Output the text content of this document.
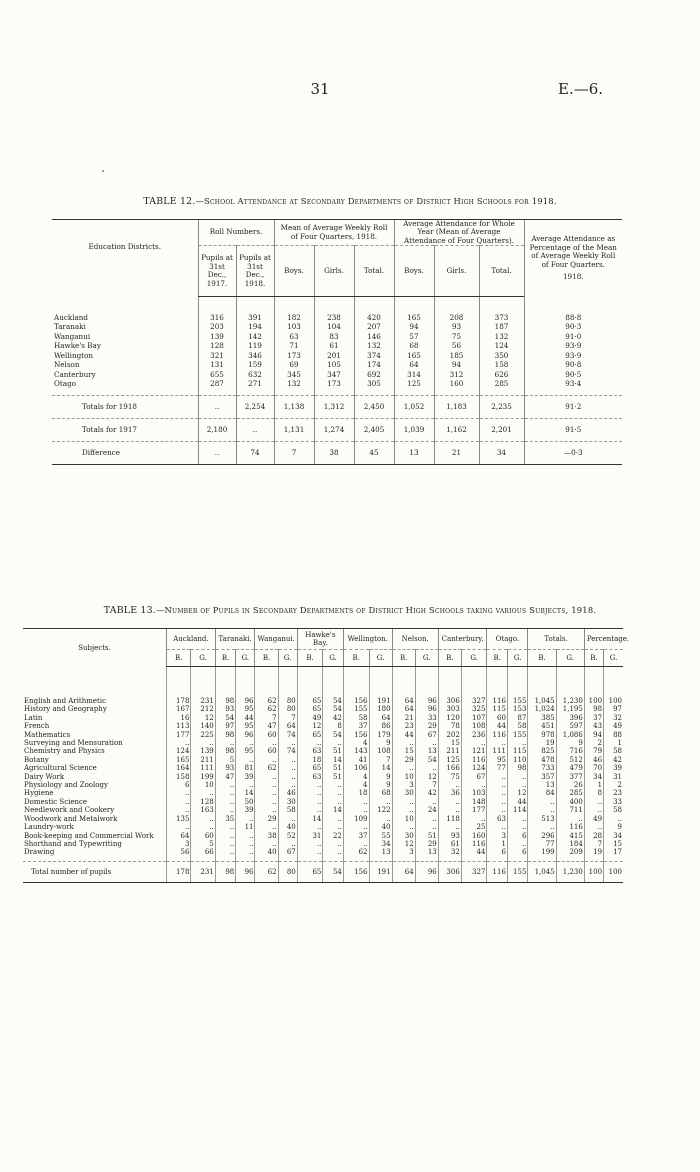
31	E.—6.
TABLE 12.—School Attendance at Secondary Departments of District High Schools for 1918.
Education Districts.	Roll Numbers.		Mean of Average Weekly Roll of Four Quarters, 1918.			Average Attendance for Whole Year (Mean of Average Attendance of Four Quarters).			Average Attendance as Percentage of the Mean of Average Weekly Roll of Four Quarters.
1918.

	Pupils at 31st Dec., 1917.	Pupils at 31st Dec., 1918.	Boys.	Girls.	Total.	Boys.	Girls.	Total.	
Auckland	316	391	182	238	420	165	208	373	88·8
Taranaki	203	194	103	104	207	94	93	187	90·3
Wanganui	139	142	63	83	146	57	75	132	91·0
Hawke's Bay	128	119	71	61	132	68	56	124	93·9
Wellington	321	346	173	201	374	165	185	350	93·9
Nelson	131	159	69	105	174	64	94	158	90·8
Canterbury	655	632	345	347	692	314	312	626	90·5
Otago	287	271	132	173	305	125	160	285	93·4
Totals for 1918	..	2,254	1,138	1,312	2,450	1,052	1,183	2,235	91·2
Totals for 1917	2,180	..	1,131	1,274	2,405	1,039	1,162	2,201	91·5
Difference	..	74	7	38	45	13	21	34	—0·3
TABLE 13.—Number of Pupils in Secondary Departments of District High Schools taking various Subjects, 1918.
Subjects.	Auckland.		Taranaki.		Wanganui.		Hawke's Bay.		Wellington.		Nelson.		Canterbury.		Otago.		Totals.		Percentage.	
	B.	G.	B.	G.	B.	G.	B.	G.	B.	G.	B.	G.	B.	G.	B.	G.	B.	G.	B.	G.
English and Arithmetic	178	231	98	96	62	80	65	54	156	191	64	96	306	327	116	155	1,045	1,230	100	100
History and Geography	167	212	93	95	62	80	65	54	155	180	64	96	303	325	115	153	1,024	1,195	98	97
Latin	16	12	54	44	7	7	49	42	58	64	21	33	120	107	60	87	385	396	37	32
French	113	140	97	95	47	64	12	8	37	86	23	29	78	108	44	58	451	597	43	49
Mathematics	177	225	98	96	60	74	65	54	156	179	44	67	202	236	116	155	978	1,086	94	88
Surveying and Mensuration	..	..	..	..	..	..	..	..	4	9	..	..	15	..	..	..	19	9	2	1
Chemistry and Physics	124	139	98	95	60	74	63	51	143	108	15	13	211	121	111	115	825	716	79	58
Botany	165	211	5	..	..	..	18	14	41	7	29	54	125	116	95	110	478	512	46	42
Agricultural Science	164	111	93	81	62	..	65	51	106	14	..	..	166	124	77	98	733	479	70	39
Dairy Work	158	199	47	39	..	..	63	51	4	9	10	12	75	67	..	..	357	377	34	31
Physiology and Zoology	6	10	..	..	..	..	..	..	4	9	3	7	..	..	..	..	13	26	1	2
Hygiene	..	..	..	14	..	46	..	..	18	68	30	42	36	103	..	12	84	285	8	23
Domestic Science	..	128	..	50	..	30	..	..	..	..	..	..	..	148	..	44	..	400	..	33
Needlework and Cookery	..	163	..	39	..	58	..	14	..	122	..	24	..	177	..	114	..	711	..	58
Woodwork and Metalwork	135	..	35	..	29	..	14	..	109	..	10	..	118	..	63	..	513	..	49	..
Laundry-work	..	..	..	11	..	40	..	..	..	40	..	..	..	25	..	..	..	116	..	9
Book-keeping and Commercial Work	64	60	..	..	38	52	31	22	37	55	30	51	93	160	3	6	296	415	28	34
Shorthand and Typewriting	3	5	..	..	..	..	..	..	..	34	12	29	61	116	1	..	77	184	7	15
Drawing	56	66	..	..	40	67	..	..	62	13	3	13	32	44	6	6	199	209	19	17
Total number of pupils	178	231	98	96	62	80	65	54	156	191	64	96	306	327	116	155	1,045	1,230	100	100
